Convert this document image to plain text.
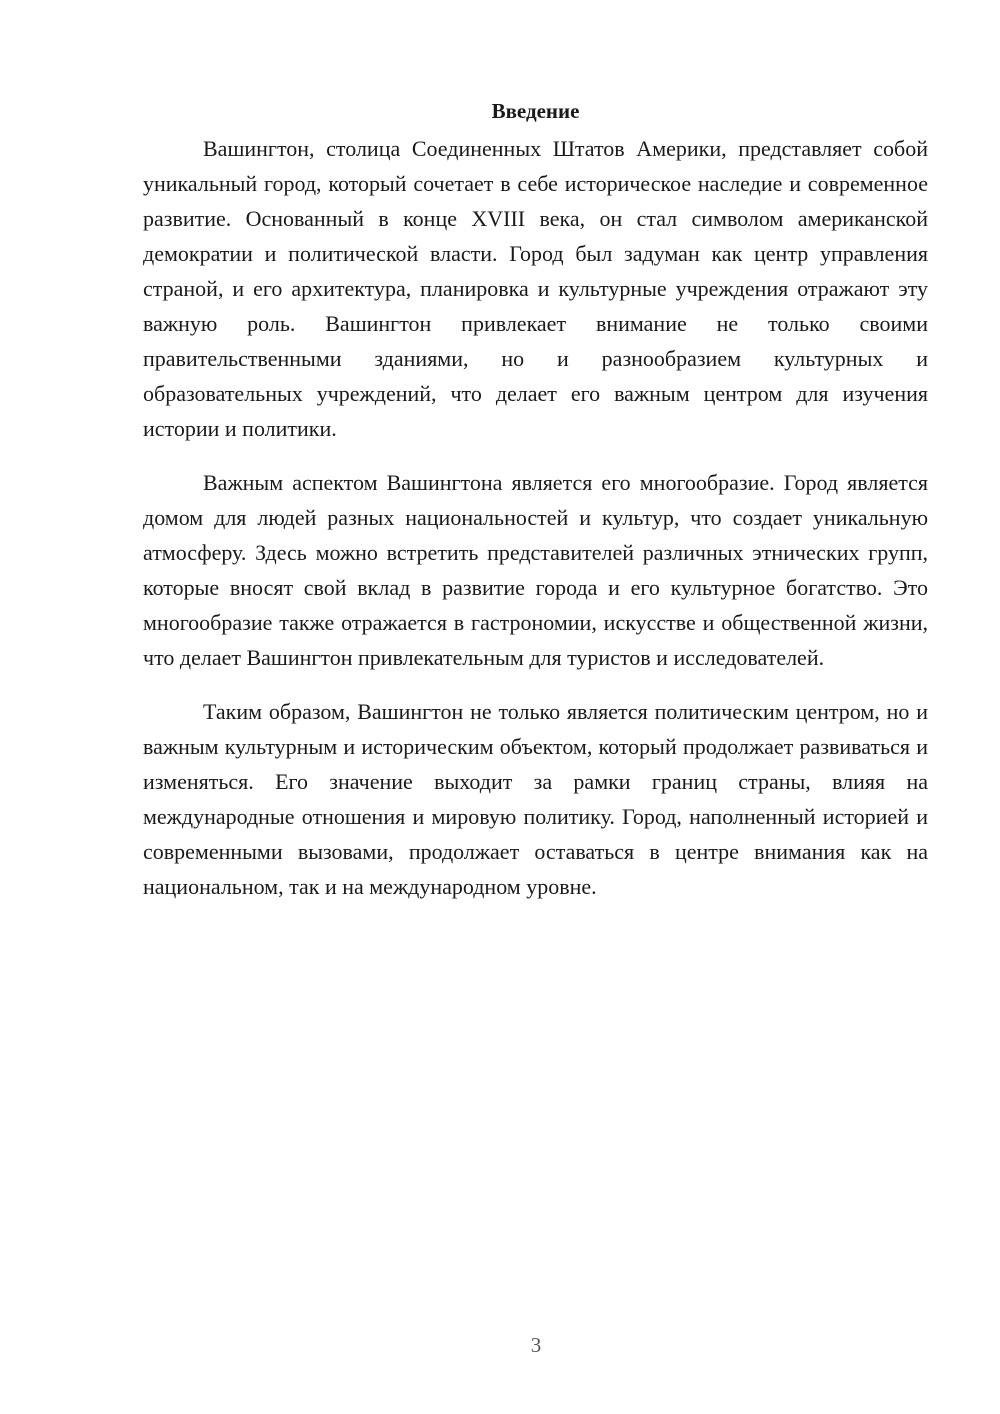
Введение

Вашингтон, столица Соединенных Штатов Америки, представляет собой уникальный город, который сочетает в себе историческое наследие и современное развитие. Основанный в конце XVIII века, он стал символом американской демократии и политической власти. Город был задуман как центр управления страной, и его архитектура, планировка и культурные учреждения отражают эту важную роль. Вашингтон привлекает внимание не только своими правительственными зданиями, но и разнообразием культурных и образовательных учреждений, что делает его важным центром для изучения истории и политики.

Важным аспектом Вашингтона является его многообразие. Город является домом для людей разных национальностей и культур, что создает уникальную атмосферу. Здесь можно встретить представителей различных этнических групп, которые вносят свой вклад в развитие города и его культурное богатство. Это многообразие также отражается в гастрономии, искусстве и общественной жизни, что делает Вашингтон привлекательным для туристов и исследователей.

Таким образом, Вашингтон не только является политическим центром, но и важным культурным и историческим объектом, который продолжает развиваться и изменяться. Его значение выходит за рамки границ страны, влияя на международные отношения и мировую политику. Город, наполненный историей и современными вызовами, продолжает оставаться в центре внимания как на национальном, так и на международном уровне.

3
